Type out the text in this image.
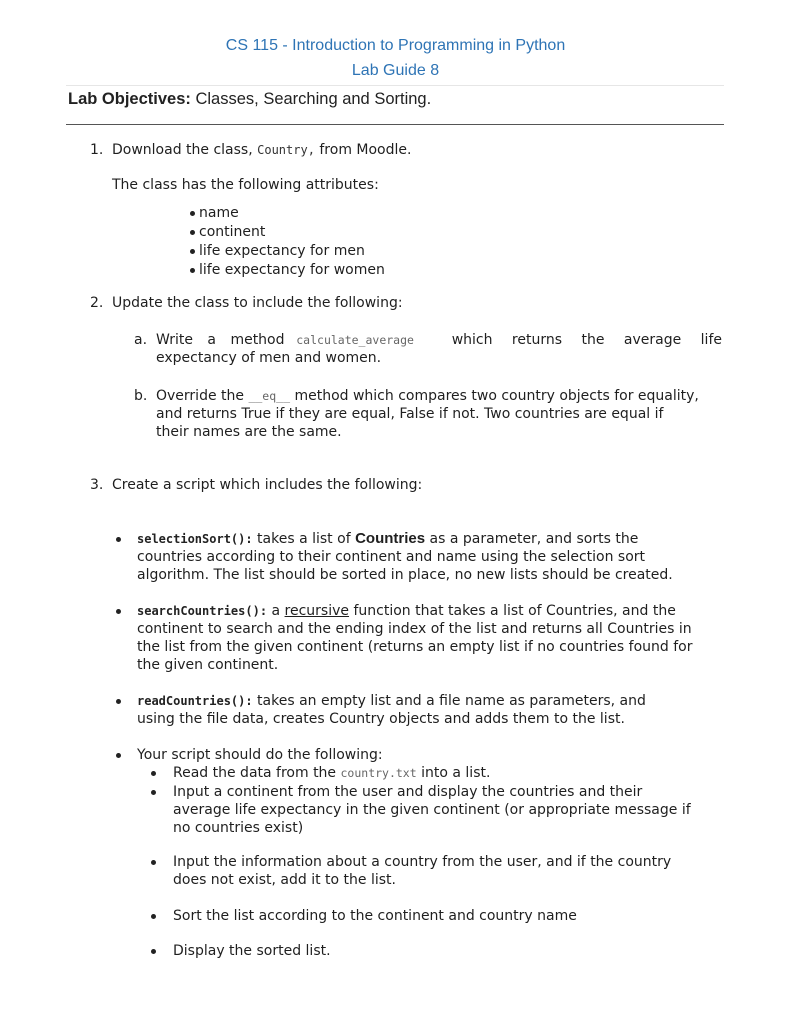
CS 115 - Introduction to Programming in Python
Lab Guide 8
Lab Objectives: Classes, Searching and Sorting.
1. Download the class, Country, from Moodle.
The class has the following attributes:
name
continent
life expectancy for men
life expectancy for women
2. Update the class to include the following:
a. Write a method calculate_average	which returns the average life
expectancy of men and women.
b. Override the __eq__ method which compares two country objects for equality,
and returns True if they are equal, False if not. Two countries are equal if
their names are the same.
3. Create a script which includes the following:
selectionSort(): takes a list of Countries as a parameter, and sorts the
countries according to their continent and name using the selection sort
algorithm. The list should be sorted in place, no new lists should be created.
searchCountries(): a recursive function that takes a list of Countries, and the
continent to search and the ending index of the list and returns all Countries in
the list from the given continent (returns an empty list if no countries found for
the given continent.
readCountries(): takes an empty list and a file name as parameters, and
using the file data, creates Country objects and adds them to the list.
Your script should do the following:
Read the data from the country.txt into a list.
Input a continent from the user and display the countries and their
average life expectancy in the given continent (or appropriate message if
no countries exist)
Input the information about a country from the user, and if the country
does not exist, add it to the list.
Sort the list according to the continent and country name
Display the sorted list.
